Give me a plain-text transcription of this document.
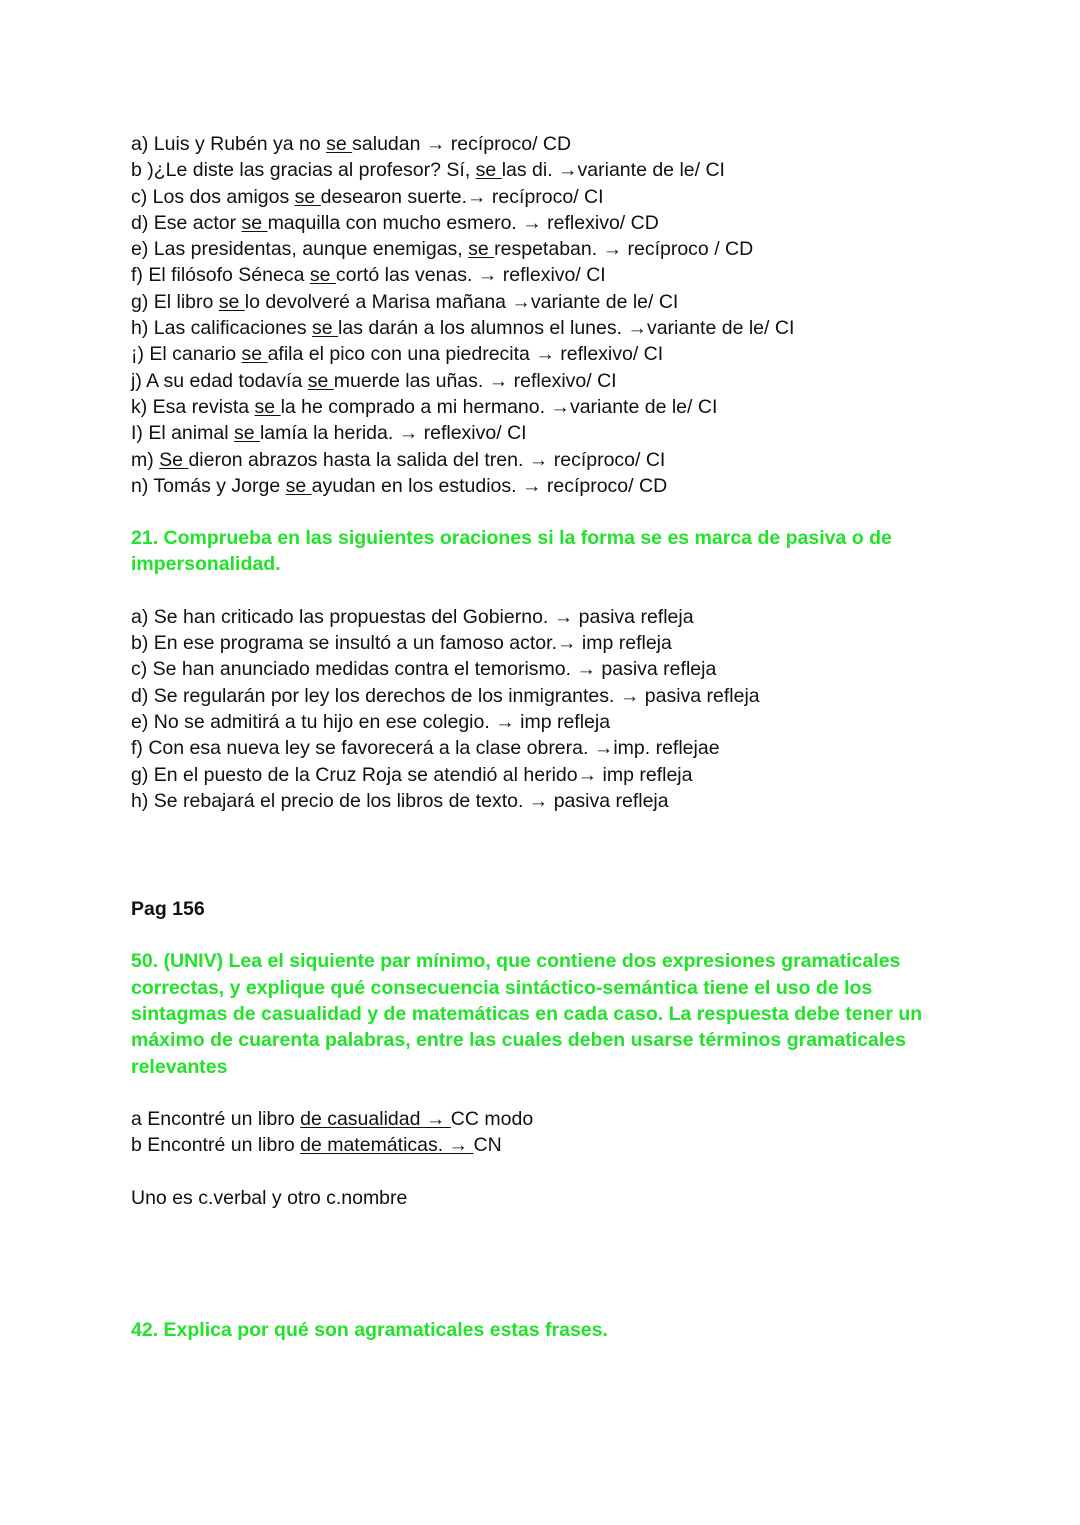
a) Luis y Rubén ya no se saludan → recíproco/ CD
b )¿Le diste las gracias al profesor? Sí, se las di. →variante de le/ CI
c) Los dos amigos se desearon suerte.→ recíproco/ CI
d) Ese actor se maquilla con mucho esmero. → reflexivo/ CD
e) Las presidentas, aunque enemigas, se respetaban. → recíproco / CD
f) El filósofo Séneca se cortó las venas. → reflexivo/ CI
g) El libro se lo devolveré a Marisa mañana →variante de le/ CI
h) Las calificaciones se las darán a los alumnos el lunes. →variante de le/ CI
¡) El canario se afila el pico con una piedrecita → reflexivo/ CI
j) A su edad todavía se muerde las uñas. → reflexivo/ CI
k) Esa revista se la he comprado a mi hermano. →variante de le/ CI
I) El animal se lamía la herida. → reflexivo/ CI
m) Se dieron abrazos hasta la salida del tren. → recíproco/ CI
n) Tomás y Jorge se ayudan en los estudios. → recíproco/ CD
21. Comprueba en las siguientes oraciones si la forma se es marca de pasiva o de
impersonalidad.
a) Se han criticado las propuestas del Gobierno. → pasiva refleja
b) En ese programa se insultó a un famoso actor.→ imp refleja
c) Se han anunciado medidas contra el temorismo. → pasiva refleja
d) Se regularán por ley los derechos de los inmigrantes. → pasiva refleja
e) No se admitirá a tu hijo en ese colegio. → imp refleja
f) Con esa nueva ley se favorecerá a la clase obrera. →imp. reflejae
g) En el puesto de la Cruz Roja se atendió al herido→ imp refleja
h) Se rebajará el precio de los libros de texto. → pasiva refleja
Pag 156
50. (UNIV) Lea el siquiente par mínimo, que contiene dos expresiones gramaticales
correctas, y explique qué consecuencia sintáctico-semántica tiene el uso de los
sintagmas de casualidad y de matemáticas en cada caso. La respuesta debe tener un
máximo de cuarenta palabras, entre las cuales deben usarse términos gramaticales
relevantes
a Encontré un libro de casualidad → CC modo
b Encontré un libro de matemáticas. → CN
Uno es c.verbal y otro c.nombre
42. Explica por qué son agramaticales estas frases.
